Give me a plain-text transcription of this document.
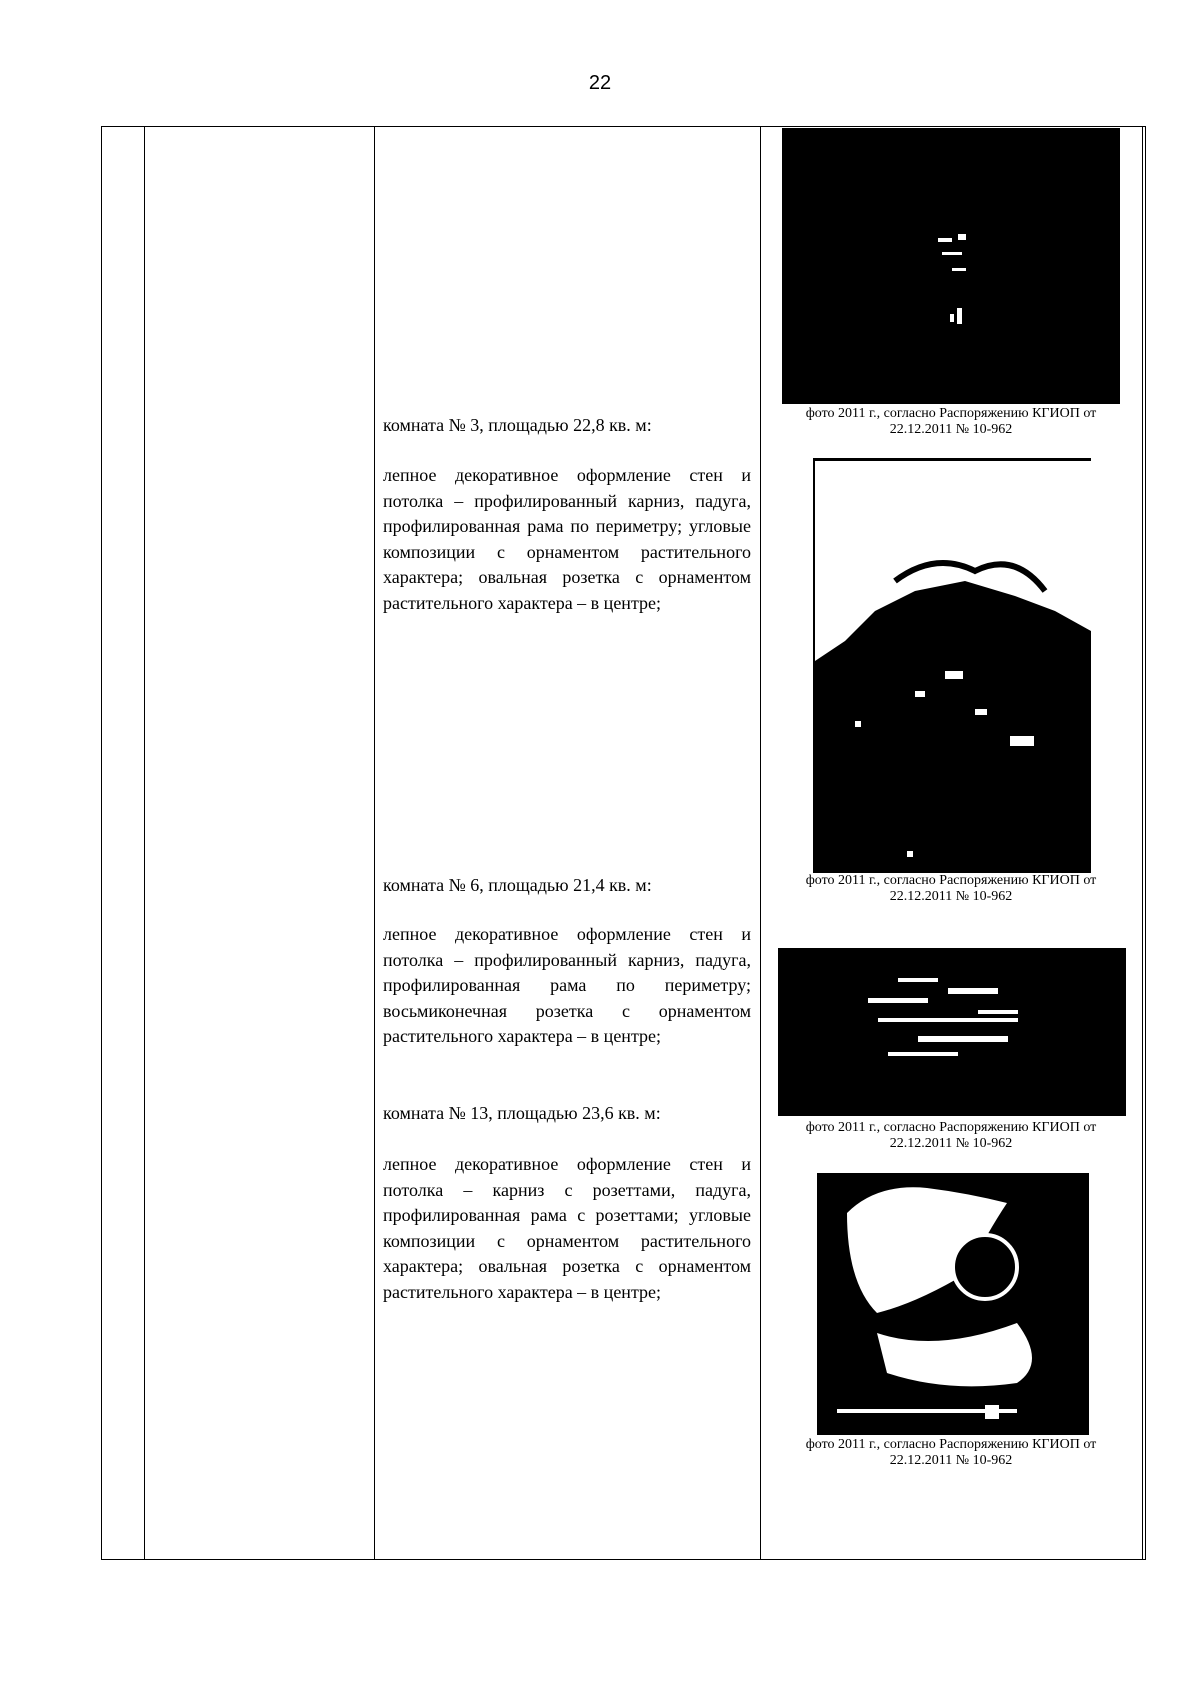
22
комната № 3, площадью 22,8 кв. м:
лепное декоративное оформление стен и потолка – профилированный карниз, падуга, профилированная рама по периметру; угловые композиции с орнаментом растительного характера; овальная розетка с орнаментом растительного характера – в центре;
комната № 6, площадью 21,4 кв. м:
лепное декоративное оформление стен и потолка – профилированный карниз, падуга, профилированная рама по периметру; восьмиконечная розетка с орнаментом растительного характера – в центре;
комната № 13, площадью 23,6 кв. м:
лепное декоративное оформление стен и потолка – карниз с розеттами, падуга, профилированная рама с розеттами; угловые композиции с орнаментом растительного характера; овальная розетка с орнаментом растительного характера – в центре;
фото 2011 г., согласно Распоряжению КГИОП от
22.12.2011 № 10-962
фото 2011 г., согласно Распоряжению КГИОП от
22.12.2011 № 10-962
фото 2011 г., согласно Распоряжению КГИОП от
22.12.2011 № 10-962
фото 2011 г., согласно Распоряжению КГИОП от
22.12.2011 № 10-962
